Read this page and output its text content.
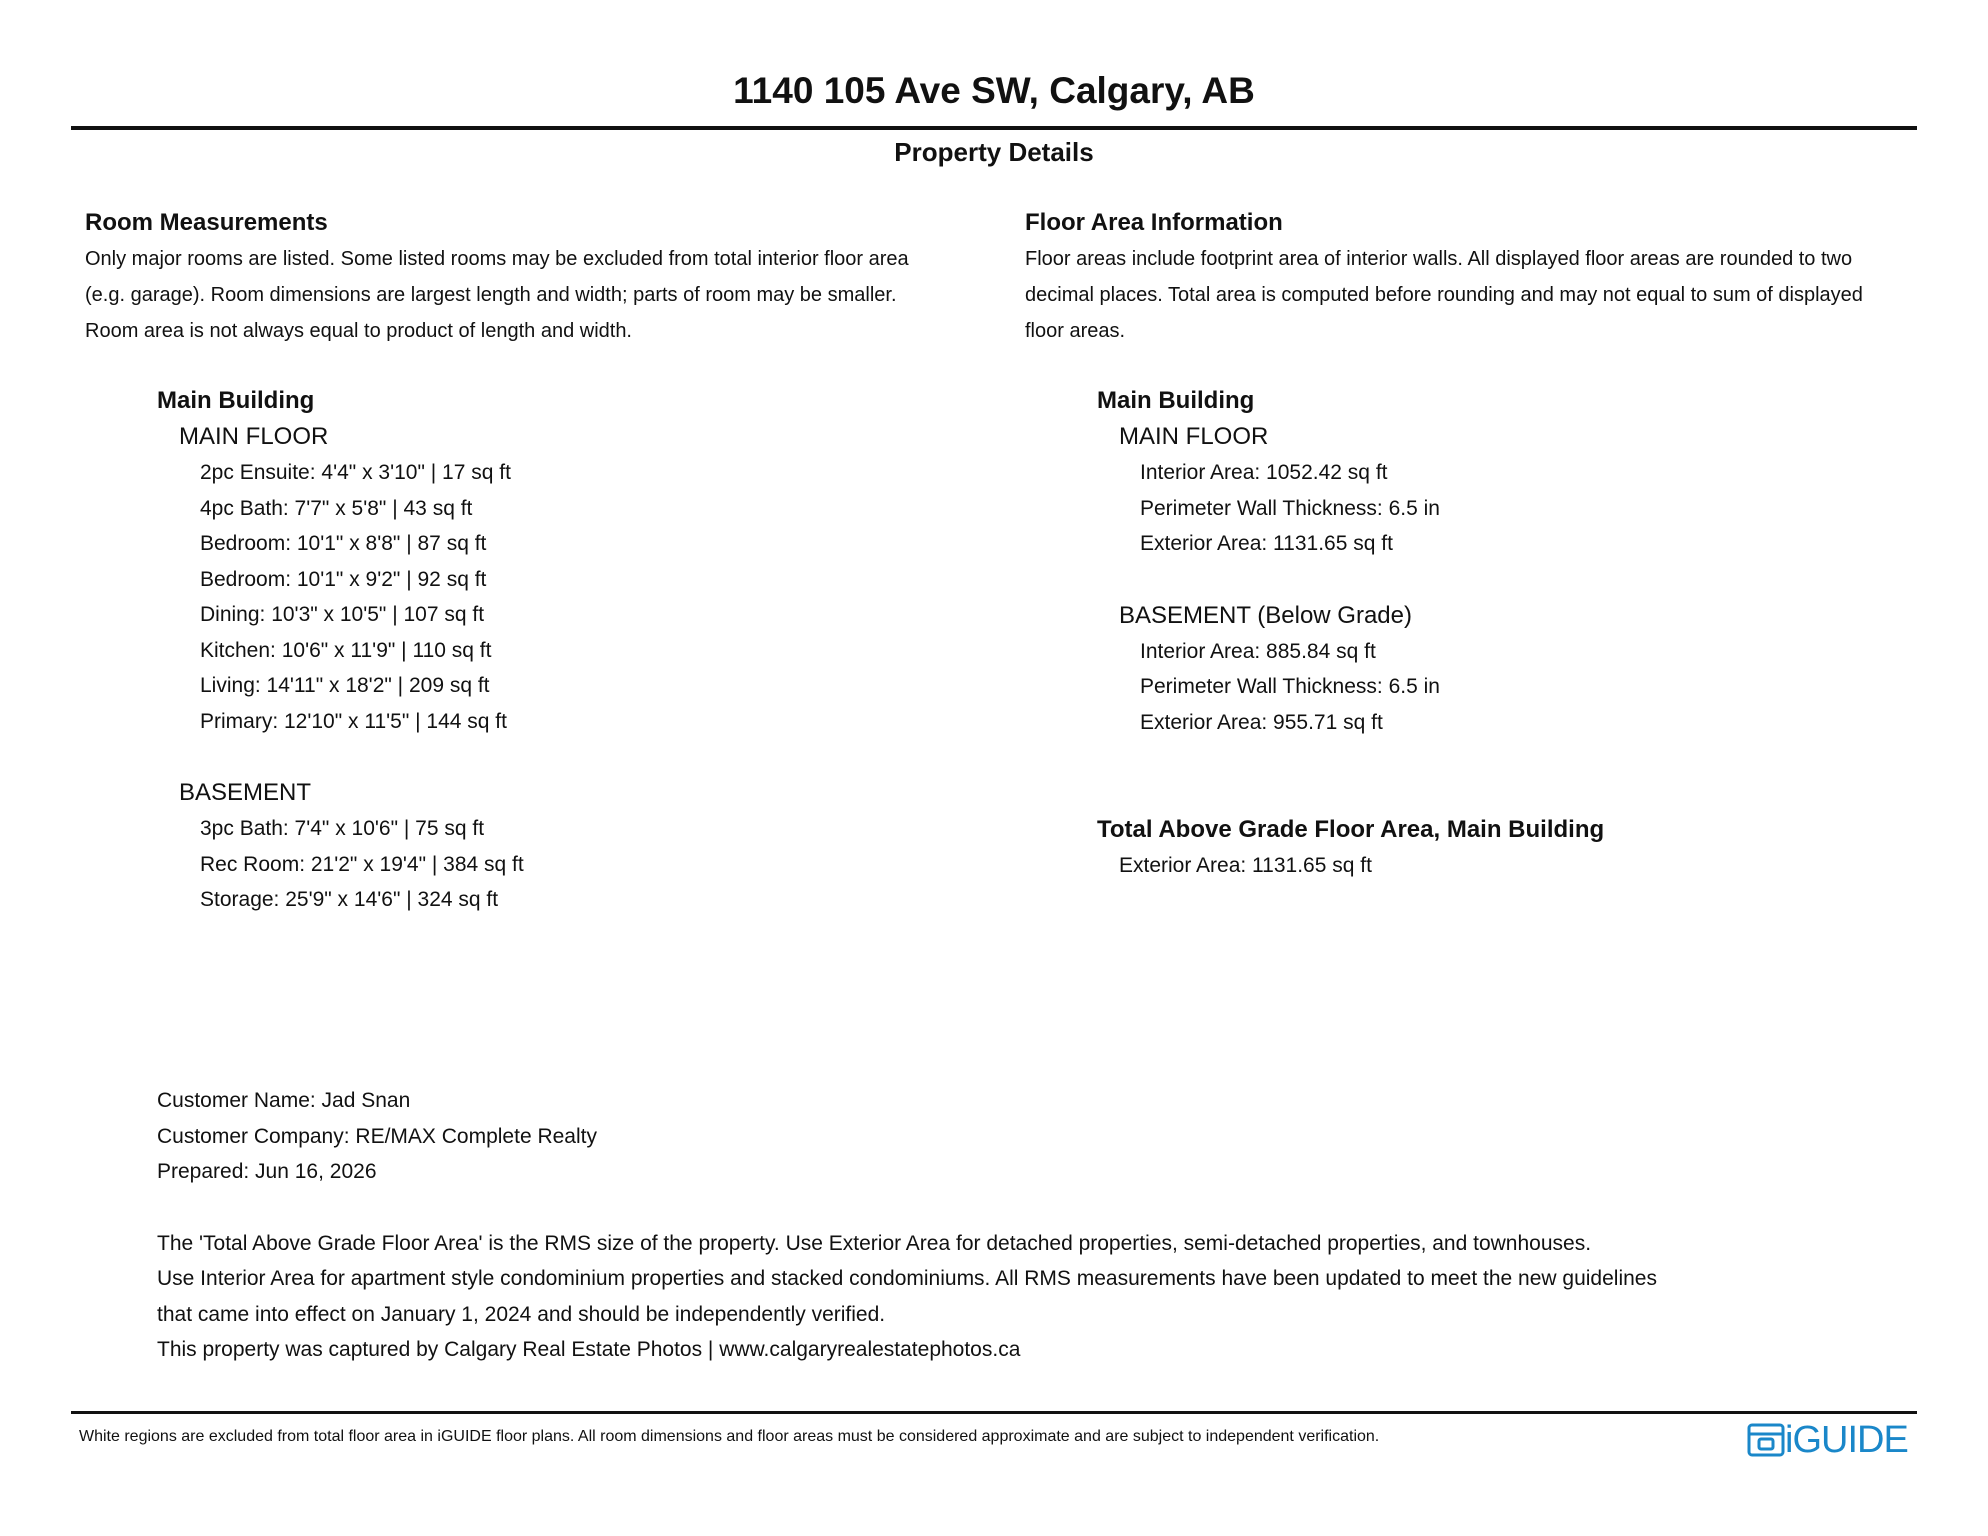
1140 105 Ave SW, Calgary, AB
Property Details
Room Measurements
Only major rooms are listed. Some listed rooms may be excluded from total interior floor area
(e.g. garage). Room dimensions are largest length and width; parts of room may be smaller.
Room area is not always equal to product of length and width.
Main Building
MAIN FLOOR
2pc Ensuite: 4'4" x 3'10" | 17 sq ft
4pc Bath: 7'7" x 5'8" | 43 sq ft
Bedroom: 10'1" x 8'8" | 87 sq ft
Bedroom: 10'1" x 9'2" | 92 sq ft
Dining: 10'3" x 10'5" | 107 sq ft
Kitchen: 10'6" x 11'9" | 110 sq ft
Living: 14'11" x 18'2" | 209 sq ft
Primary: 12'10" x 11'5" | 144 sq ft
BASEMENT
3pc Bath: 7'4" x 10'6" | 75 sq ft
Rec Room: 21'2" x 19'4" | 384 sq ft
Storage: 25'9" x 14'6" | 324 sq ft
Floor Area Information
Floor areas include footprint area of interior walls. All displayed floor areas are rounded to two
decimal places. Total area is computed before rounding and may not equal to sum of displayed
floor areas.
Main Building
MAIN FLOOR
Interior Area: 1052.42 sq ft
Perimeter Wall Thickness: 6.5 in
Exterior Area: 1131.65 sq ft
BASEMENT (Below Grade)
Interior Area: 885.84 sq ft
Perimeter Wall Thickness: 6.5 in
Exterior Area: 955.71 sq ft
Total Above Grade Floor Area, Main Building
Exterior Area: 1131.65 sq ft
Customer Name: Jad Snan
Customer Company: RE/MAX Complete Realty
Prepared: Jun 16, 2026
The 'Total Above Grade Floor Area' is the RMS size of the property. Use Exterior Area for detached properties, semi-detached properties, and townhouses.
Use Interior Area for apartment style condominium properties and stacked condominiums. All RMS measurements have been updated to meet the new guidelines
that came into effect on January 1, 2024 and should be independently verified.
This property was captured by Calgary Real Estate Photos | www.calgaryrealestatephotos.ca
White regions are excluded from total floor area in iGUIDE floor plans. All room dimensions and floor areas must be considered approximate and are subject to independent verification.	iGUIDE
